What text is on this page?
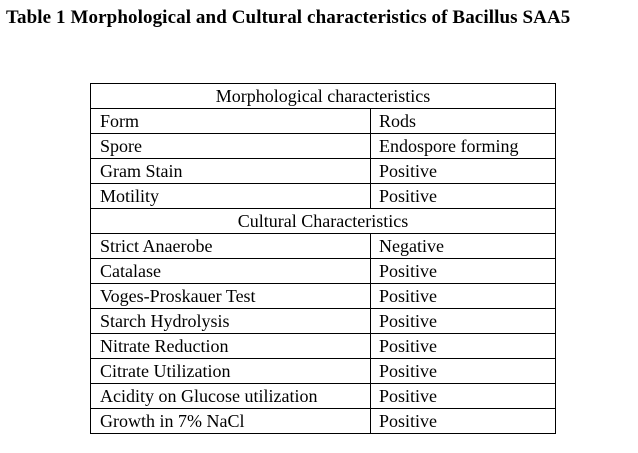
Table 1 Morphological and Cultural characteristics of Bacillus SAA5
Morphological characteristics	
Form	Rods
Spore	Endospore forming
Gram Stain	Positive
Motility	Positive
Cultural Characteristics	
Strict Anaerobe	Negative
Catalase	Positive
Voges-Proskauer Test	Positive
Starch Hydrolysis	Positive
Nitrate Reduction	Positive
Citrate Utilization	Positive
Acidity on Glucose utilization	Positive
Growth in 7% NaCl	Positive
